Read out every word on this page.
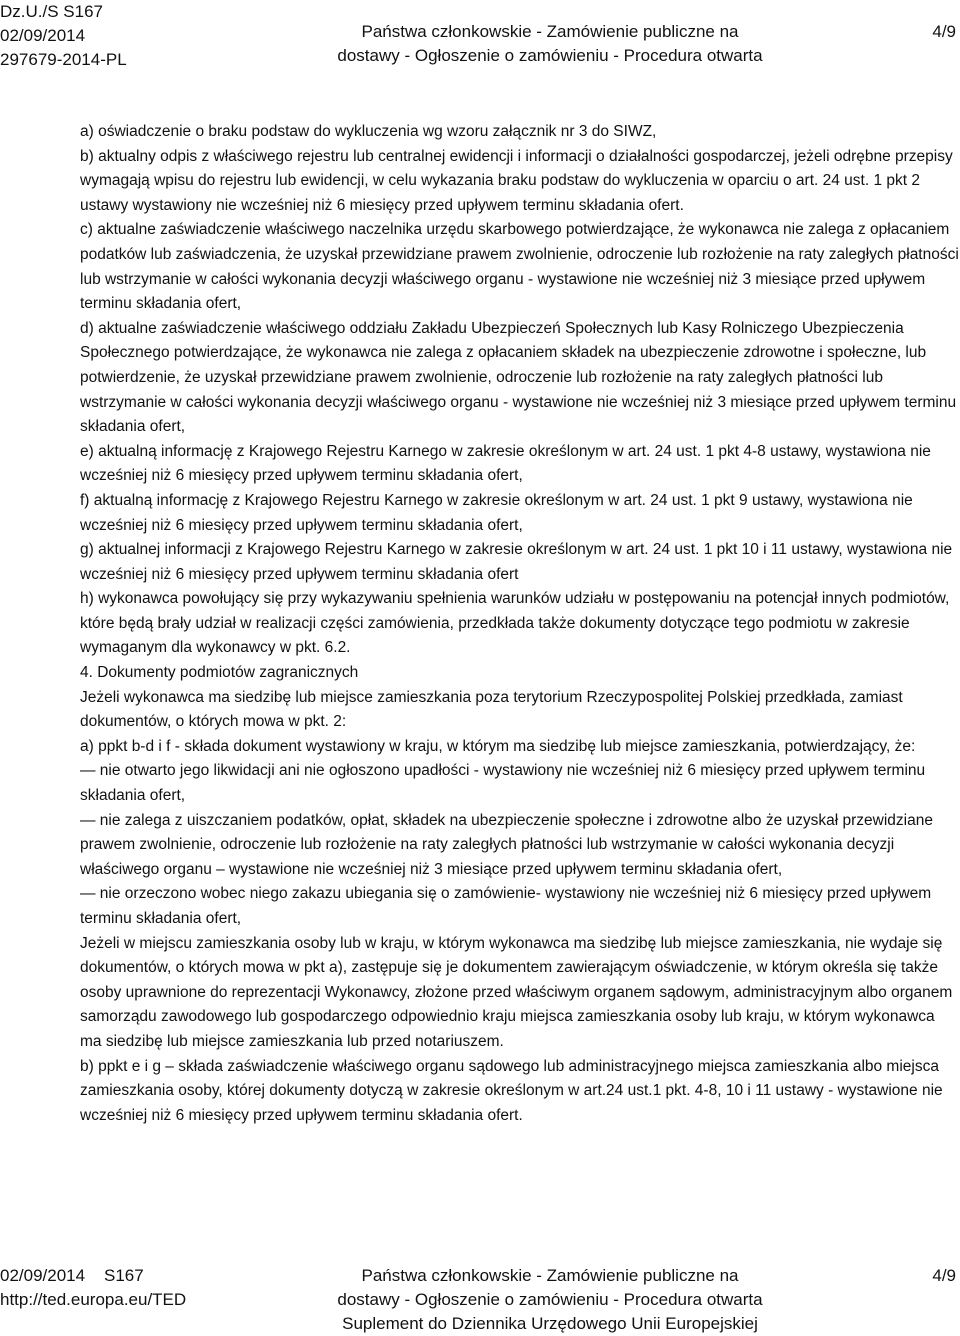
Dz.U./S S167
02/09/2014
297679-2014-PL
Państwa członkowskie - Zamówienie publiczne na
dostawy - Ogłoszenie o zamówieniu - Procedura otwarta
4/9

a) oświadczenie o braku podstaw do wykluczenia wg wzoru załącznik nr 3 do SIWZ,

b) aktualny odpis z właściwego rejestru lub centralnej ewidencji i informacji o działalności gospodarczej, jeżeli odrębne przepisy wymagają wpisu do rejestru lub ewidencji, w celu wykazania braku podstaw do wykluczenia w oparciu o art. 24 ust. 1 pkt 2 ustawy wystawiony nie wcześniej niż 6 miesięcy przed upływem terminu składania ofert.

c) aktualne zaświadczenie właściwego naczelnika urzędu skarbowego potwierdzające, że wykonawca nie zalega z opłacaniem podatków lub zaświadczenia, że uzyskał przewidziane prawem zwolnienie, odroczenie lub rozłożenie na raty zaległych płatności lub wstrzymanie w całości wykonania decyzji właściwego organu - wystawione nie wcześniej niż 3 miesiące przed upływem terminu składania ofert,

d) aktualne zaświadczenie właściwego oddziału Zakładu Ubezpieczeń Społecznych lub Kasy Rolniczego Ubezpieczenia Społecznego potwierdzające, że wykonawca nie zalega z opłacaniem składek na ubezpieczenie zdrowotne i społeczne, lub potwierdzenie, że uzyskał przewidziane prawem zwolnienie, odroczenie lub rozłożenie na raty zaległych płatności lub wstrzymanie w całości wykonania decyzji właściwego organu - wystawione nie wcześniej niż 3 miesiące przed upływem terminu składania ofert,

e) aktualną informację z Krajowego Rejestru Karnego w zakresie określonym w art. 24 ust. 1 pkt 4-8 ustawy, wystawiona nie wcześniej niż 6 miesięcy przed upływem terminu składania ofert,

f) aktualną informację z Krajowego Rejestru Karnego w zakresie określonym w art. 24 ust. 1 pkt 9 ustawy, wystawiona nie wcześniej niż 6 miesięcy przed upływem terminu składania ofert,

g) aktualnej informacji z Krajowego Rejestru Karnego w zakresie określonym w art. 24 ust. 1 pkt 10 i 11 ustawy, wystawiona nie wcześniej niż 6 miesięcy przed upływem terminu składania ofert

h) wykonawca powołujący się przy wykazywaniu spełnienia warunków udziału w postępowaniu na potencjał innych podmiotów, które będą brały udział w realizacji części zamówienia, przedkłada także dokumenty dotyczące tego podmiotu w zakresie wymaganym dla wykonawcy w pkt. 6.2.

4. Dokumenty podmiotów zagranicznych

Jeżeli wykonawca ma siedzibę lub miejsce zamieszkania poza terytorium Rzeczypospolitej Polskiej przedkłada, zamiast dokumentów, o których mowa w pkt. 2:

a) ppkt b-d i f - składa dokument wystawiony w kraju, w którym ma siedzibę lub miejsce zamieszkania, potwierdzający, że:

— nie otwarto jego likwidacji ani nie ogłoszono upadłości - wystawiony nie wcześniej niż 6 miesięcy przed upływem terminu składania ofert,

— nie zalega z uiszczaniem podatków, opłat, składek na ubezpieczenie społeczne i zdrowotne albo że uzyskał przewidziane prawem zwolnienie, odroczenie lub rozłożenie na raty zaległych płatności lub wstrzymanie w całości wykonania decyzji właściwego organu – wystawione nie wcześniej niż 3 miesiące przed upływem terminu składania ofert,

— nie orzeczono wobec niego zakazu ubiegania się o zamówienie- wystawiony nie wcześniej niż 6 miesięcy przed upływem terminu składania ofert,

Jeżeli w miejscu zamieszkania osoby lub w kraju, w którym wykonawca ma siedzibę lub miejsce zamieszkania, nie wydaje się dokumentów, o których mowa w pkt a), zastępuje się je dokumentem zawierającym oświadczenie, w którym określa się także osoby uprawnione do reprezentacji Wykonawcy, złożone przed właściwym organem sądowym, administracyjnym albo organem samorządu zawodowego lub gospodarczego odpowiednio kraju miejsca zamieszkania osoby lub kraju, w którym wykonawca ma siedzibę lub miejsce zamieszkania lub przed notariuszem.

b) ppkt e i g – składa zaświadczenie właściwego organu sądowego lub administracyjnego miejsca zamieszkania albo miejsca zamieszkania osoby, której dokumenty dotyczą w zakresie określonym w art.24 ust.1 pkt. 4-8, 10 i 11 ustawy - wystawione nie wcześniej niż 6 miesięcy przed upływem terminu składania ofert.

02/09/2014 S167
http://ted.europa.eu/TED
Państwa członkowskie - Zamówienie publiczne na
dostawy - Ogłoszenie o zamówieniu - Procedura otwarta
Suplement do Dziennika Urzędowego Unii Europejskiej
4/9
